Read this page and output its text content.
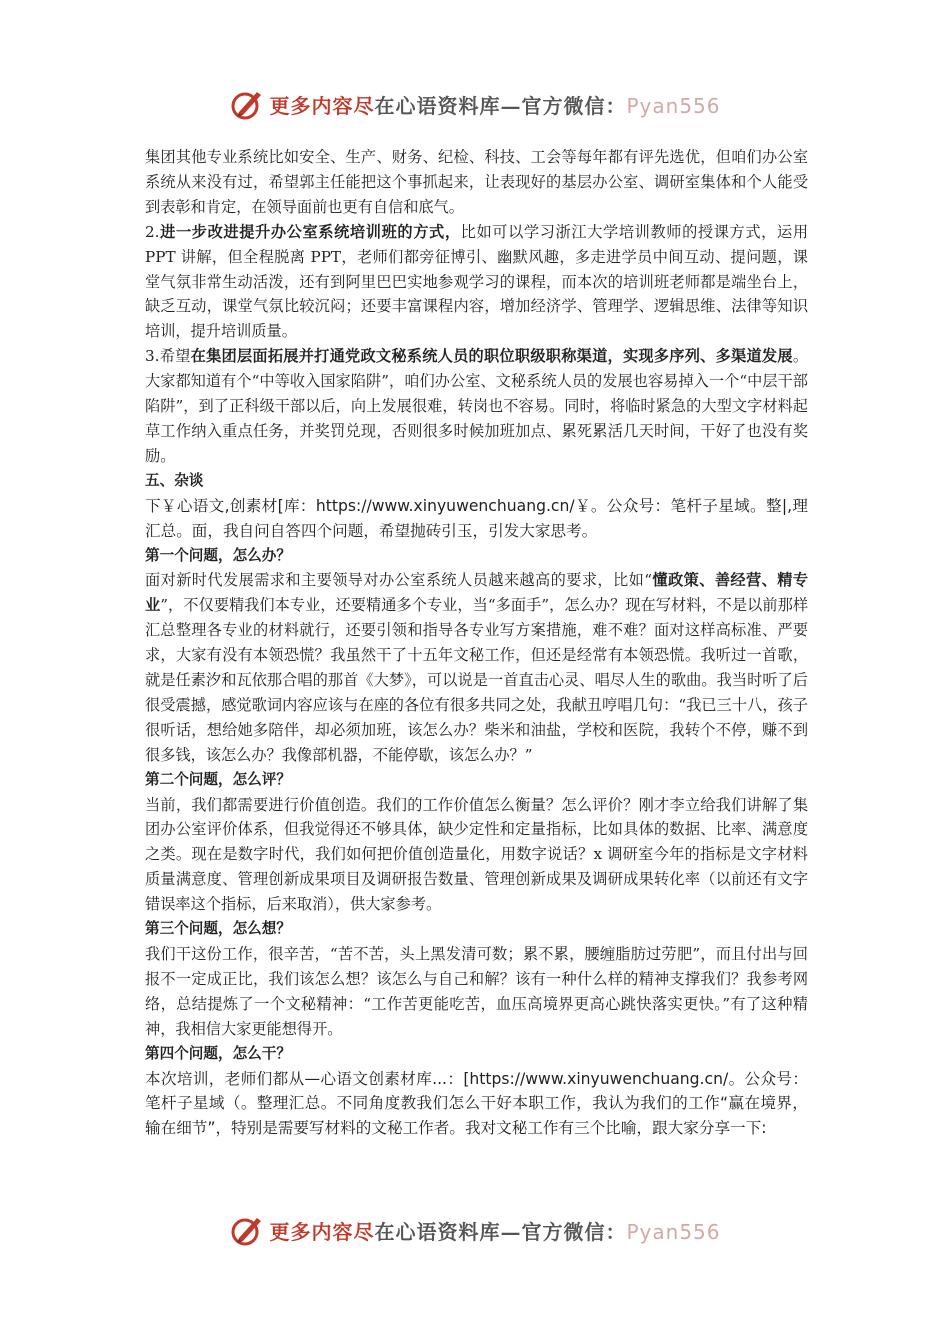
更多内容尽在心语资料库—官方微信：Pyan556

集团其他专业系统比如安全、生产、财务、纪检、科技、工会等每年都有评先选优，但咱们办公室系统从来没有过，希望郭主任能把这个事抓起来，让表现好的基层办公室、调研室集体和个人能受到表彰和肯定，在领导面前也更有自信和底气。

2.进一步改进提升办公室系统培训班的方式，比如可以学习浙江大学培训教师的授课方式，运用 PPT 讲解，但全程脱离 PPT，老师们都旁征博引、幽默风趣，多走进学员中间互动、提问题，课堂气氛非常生动活泼，还有到阿里巴巴实地参观学习的课程，而本次的培训班老师都是端坐台上，缺乏互动，课堂气氛比较沉闷；还要丰富课程内容，增加经济学、管理学、逻辑思维、法律等知识培训，提升培训质量。

3.希望在集团层面拓展并打通党政文秘系统人员的职位职级职称渠道，实现多序列、多渠道发展。大家都知道有个“中等收入国家陷阱”，咱们办公室、文秘系统人员的发展也容易掉入一个“中层干部陷阱”，到了正科级干部以后，向上发展很难，转岗也不容易。同时，将临时紧急的大型文字材料起草工作纳入重点任务，并奖罚兑现，否则很多时候加班加点、累死累活几天时间，干好了也没有奖励。

五、杂谈

下￥心语文,创素材[库：https://www.xinyuwenchuang.cn/￥。公众号：笔杆子星域。整|,理汇总。面，我自问自答四个问题，希望抛砖引玉，引发大家思考。

第一个问题，怎么办？

面对新时代发展需求和主要领导对办公室系统人员越来越高的要求，比如“懂政策、善经营、精专业”，不仅要精我们本专业，还要精通多个专业，当“多面手”，怎么办？现在写材料，不是以前那样汇总整理各专业的材料就行，还要引领和指导各专业写方案措施，难不难？面对这样高标准、严要求，大家有没有本领恐慌？我虽然干了十五年文秘工作，但还是经常有本领恐慌。我听过一首歌，就是任素汐和瓦依那合唱的那首《大梦》，可以说是一首直击心灵、唱尽人生的歌曲。我当时听了后很受震撼，感觉歌词内容应该与在座的各位有很多共同之处，我献丑哼唱几句：“我已三十八，孩子很听话，想给她多陪伴，却必须加班，该怎么办？柴米和油盐，学校和医院，我转个不停，赚不到很多钱，该怎么办？我像部机器，不能停歇，该怎么办？”

第二个问题，怎么评？

当前，我们都需要进行价值创造。我们的工作价值怎么衡量？怎么评价？刚才李立给我们讲解了集团办公室评价体系，但我觉得还不够具体，缺少定性和定量指标，比如具体的数据、比率、满意度之类。现在是数字时代，我们如何把价值创造量化，用数字说话？x 调研室今年的指标是文字材料质量满意度、管理创新成果项目及调研报告数量、管理创新成果及调研成果转化率（以前还有文字错误率这个指标，后来取消），供大家参考。

第三个问题，怎么想？

我们干这份工作，很辛苦，“苦不苦，头上黑发清可数；累不累，腰缠脂肪过劳肥”，而且付出与回报不一定成正比，我们该怎么想？该怎么与自己和解？该有一种什么样的精神支撑我们？我参考网络，总结提炼了一个文秘精神：“工作苦更能吃苦，血压高境界更高心跳快落实更快。”有了这种精神，我相信大家更能想得开。

第四个问题，怎么干？

本次培训，老师们都从—心语文创素材库...：[https://www.xinyuwenchuang.cn/。公众号：笔杆子星域（。整理汇总。不同角度教我们怎么干好本职工作，我认为我们的工作“赢在境界，输在细节”，特别是需要写材料的文秘工作者。我对文秘工作有三个比喻，跟大家分享一下:

更多内容尽在心语资料库—官方微信：Pyan556
